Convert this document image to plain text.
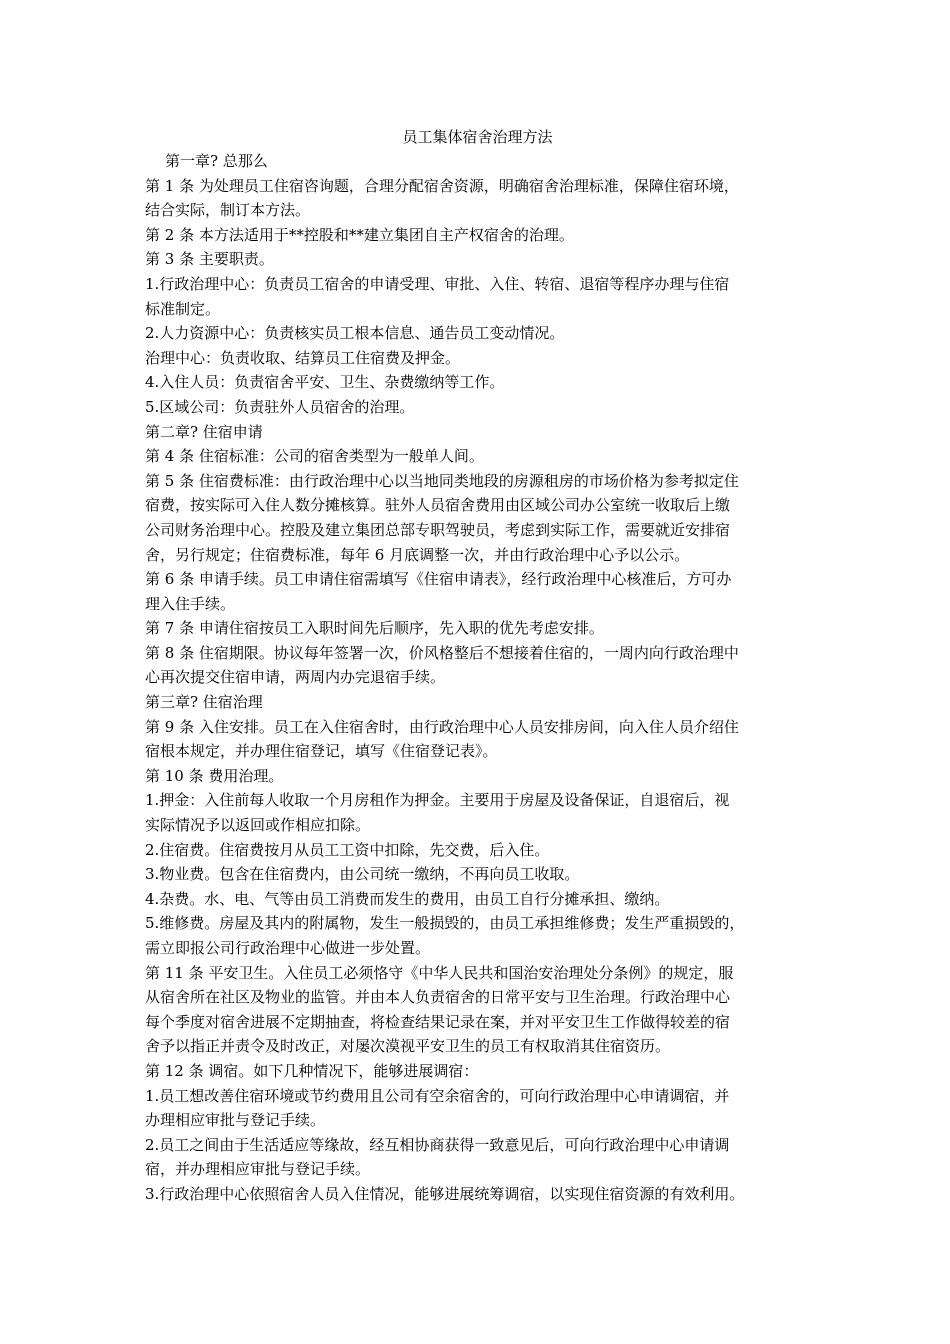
员工集体宿舍治理方法

第一章? 总那么

第 1 条 为处理员工住宿咨询题，合理分配宿舍资源，明确宿舍治理标准，保障住宿环境，

结合实际，制订本方法。

第 2 条 本方法适用于**控股和**建立集团自主产权宿舍的治理。

第 3 条 主要职责。

1.行政治理中心：负责员工宿舍的申请受理、审批、入住、转宿、退宿等程序办理与住宿

标准制定。

2.人力资源中心：负责核实员工根本信息、通告员工变动情况。

治理中心：负责收取、结算员工住宿费及押金。

4.入住人员：负责宿舍平安、卫生、杂费缴纳等工作。

5.区域公司：负责驻外人员宿舍的治理。

第二章? 住宿申请

第 4 条 住宿标准：公司的宿舍类型为一般单人间。

第 5 条 住宿费标准：由行政治理中心以当地同类地段的房源租房的市场价格为参考拟定住

宿费，按实际可入住人数分摊核算。驻外人员宿舍费用由区域公司办公室统一收取后上缴

公司财务治理中心。控股及建立集团总部专职驾驶员，考虑到实际工作，需要就近安排宿

舍，另行规定；住宿费标准，每年 6 月底调整一次，并由行政治理中心予以公示。

第 6 条 申请手续。员工申请住宿需填写《住宿申请表》，经行政治理中心核准后，方可办

理入住手续。

第 7 条 申请住宿按员工入职时间先后顺序，先入职的优先考虑安排。

第 8 条 住宿期限。协议每年签署一次，价风格整后不想接着住宿的，一周内向行政治理中

心再次提交住宿申请，两周内办完退宿手续。

第三章? 住宿治理

第 9 条 入住安排。员工在入住宿舍时，由行政治理中心人员安排房间，向入住人员介绍住

宿根本规定，并办理住宿登记，填写《住宿登记表》。

第 10 条 费用治理。

1.押金：入住前每人收取一个月房租作为押金。主要用于房屋及设备保证，自退宿后，视

实际情况予以返回或作相应扣除。

2.住宿费。住宿费按月从员工工资中扣除，先交费，后入住。

3.物业费。包含在住宿费内，由公司统一缴纳，不再向员工收取。

4.杂费。水、电、气等由员工消费而发生的费用，由员工自行分摊承担、缴纳。

5.维修费。房屋及其内的附属物，发生一般损毁的，由员工承担维修费；发生严重损毁的，

需立即报公司行政治理中心做进一步处置。

第 11 条 平安卫生。入住员工必须恪守《中华人民共和国治安治理处分条例》的规定，服

从宿舍所在社区及物业的监管。并由本人负责宿舍的日常平安与卫生治理。行政治理中心

每个季度对宿舍进展不定期抽查，将检查结果记录在案，并对平安卫生工作做得较差的宿

舍予以指正并责令及时改正，对屡次漠视平安卫生的员工有权取消其住宿资历。

第 12 条 调宿。如下几种情况下，能够进展调宿：

1.员工想改善住宿环境或节约费用且公司有空余宿舍的，可向行政治理中心申请调宿，并

办理相应审批与登记手续。

2.员工之间由于生活适应等缘故，经互相协商获得一致意见后，可向行政治理中心申请调

宿，并办理相应审批与登记手续。

3.行政治理中心依照宿舍人员入住情况，能够进展统筹调宿，以实现住宿资源的有效利用。
